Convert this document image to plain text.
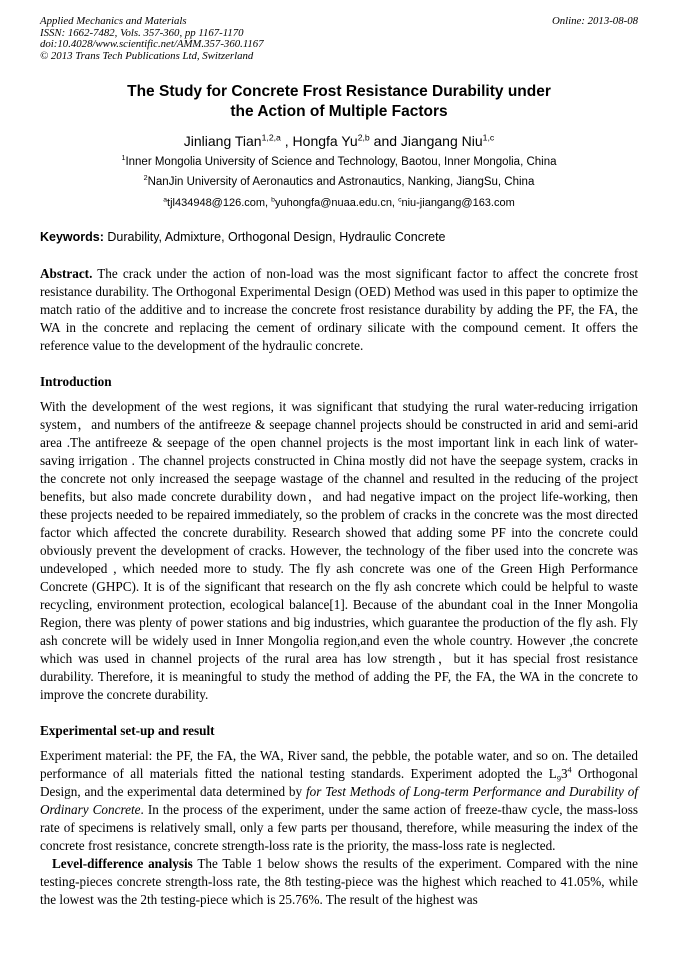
Applied Mechanics and Materials
ISSN: 1662-7482, Vols. 357-360, pp 1167-1170
doi:10.4028/www.scientific.net/AMM.357-360.1167
© 2013 Trans Tech Publications Ltd, Switzerland
Online: 2013-08-08
The Study for Concrete Frost Resistance Durability under
the Action of Multiple Factors
Jinliang Tian$^{1,2,a}$ , Hongfa Yu$^{2,b}$ and Jiangang Niu$^{1,c}$
$^1$Inner Mongolia University of Science and Technology, Baotou, Inner Mongolia, China
$^2$NanJin University of Aeronautics and Astronautics, Nanking, JiangSu, China
$^a$tjl434948@126.com, $^b$yuhongfa@nuaa.edu.cn, $^c$niu-jiangang@163.com

Keywords: Durability, Admixture, Orthogonal Design, Hydraulic Concrete

Abstract. The crack under the action of non-load was the most significant factor to affect the concrete frost resistance durability. The Orthogonal Experimental Design (OED) Method was used in this paper to optimize the match ratio of the additive and to increase the concrete frost resistance durability by adding the PF, the FA, the WA in the concrete and replacing the cement of ordinary silicate with the compound cement. It offers the reference value to the development of the hydraulic concrete.

Introduction

With the development of the west regions, it was significant that studying the rural water-reducing irrigation system，and numbers of the antifreeze & seepage channel projects should be constructed in arid and semi-arid area .The antifreeze & seepage of the open channel projects is the most important link in each link of water-saving irrigation . The channel projects constructed in China mostly did not have the seepage system, cracks in the concrete not only increased the seepage wastage of the channel and resulted in the reducing of the project benefits, but also made concrete durability down，and had negative impact on the project life-working, then these projects needed to be repaired immediately, so the problem of cracks in the concrete was the most directed factor which affected the concrete durability. Research showed that adding some PF into the concrete could obviously prevent the development of cracks. However, the technology of the fiber used into the concrete was undeveloped , which needed more to study. The fly ash concrete was one of the Green High Performance Concrete (GHPC). It is of the significant that research on the fly ash concrete which could be helpful to waste recycling, environment protection, ecological balance[1]. Because of the abundant coal in the Inner Mongolia Region, there was plenty of power stations and big industries, which guarantee the production of the fly ash. Fly ash concrete will be widely used in Inner Mongolia region,and even the whole country. However ,the concrete which was used in channel projects of the rural area has low strength，but it has special frost resistance durability. Therefore, it is meaningful to study the method of adding the PF, the FA, the WA in the concrete to improve the concrete durability.

Experimental set-up and result

Experiment material: the PF, the FA, the WA, River sand, the pebble, the potable water, and so on. The detailed performance of all materials fitted the national testing standards. Experiment adopted the $L_93^4$ Orthogonal Design, and the experimental data determined by for Test Methods of Long-term Performance and Durability of Ordinary Concrete. In the process of the experiment, under the same action of freeze-thaw cycle, the mass-loss rate of specimens is relatively small, only a few parts per thousand, therefore, while measuring the index of the concrete frost resistance, concrete strength-loss rate is the priority, the mass-loss rate is neglected.

Level-difference analysis The Table 1 below shows the results of the experiment. Compared with the nine testing-pieces concrete strength-loss rate, the 8th testing-piece was the highest which reached to 41.05%, while the lowest was the 2th testing-piece which is 25.76%. The result of the highest was
